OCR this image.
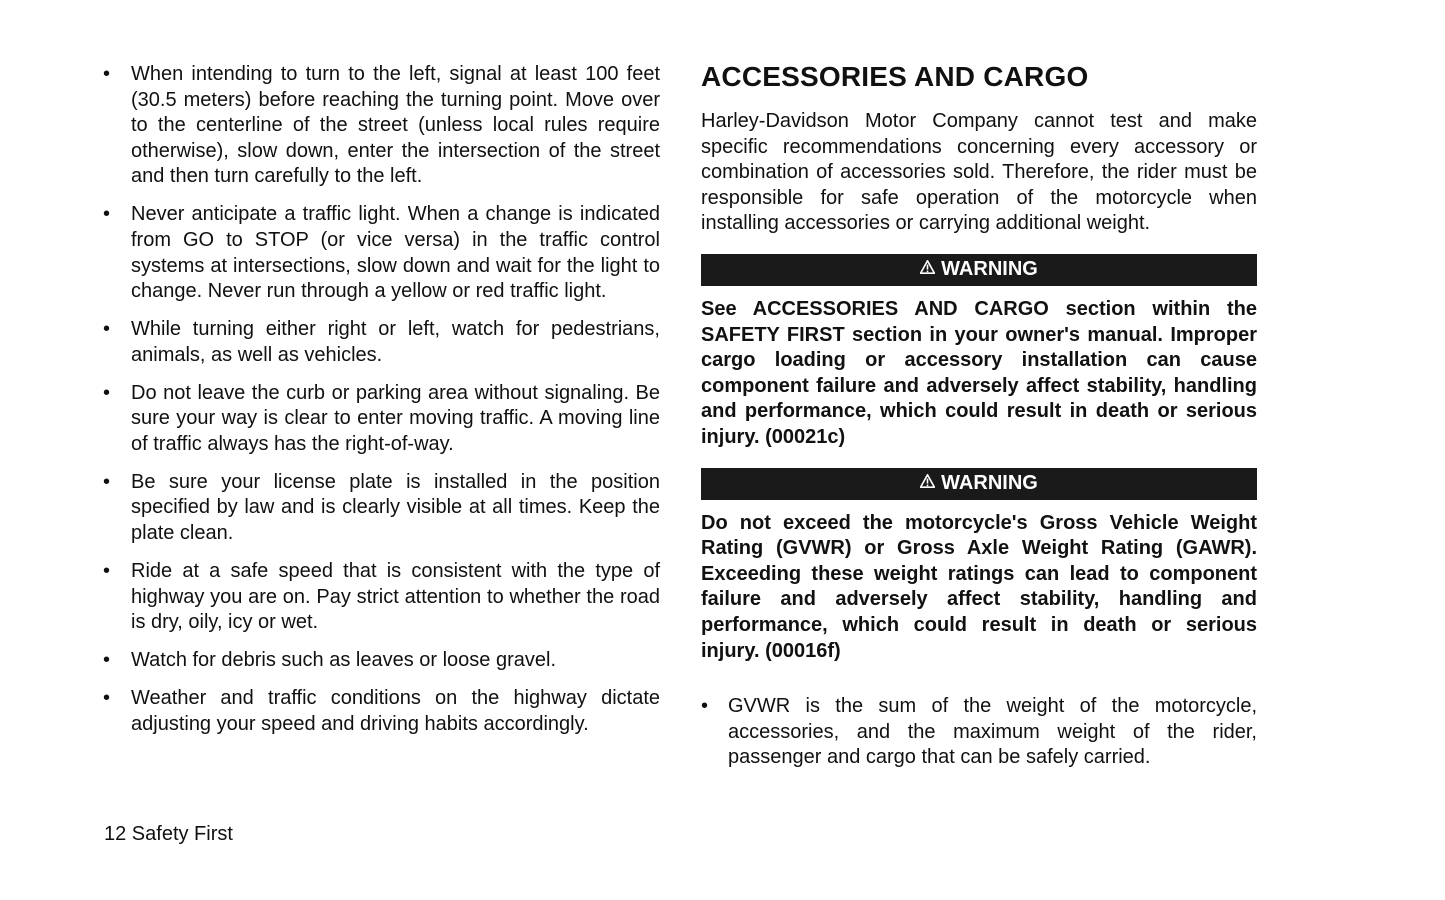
• When intending to turn to the left, signal at least 100 feet (30.5 meters) before reaching the turning point. Move over to the centerline of the street (unless local rules require otherwise), slow down, enter the intersection of the street and then turn carefully to the left.
• Never anticipate a traffic light. When a change is indicated from GO to STOP (or vice versa) in the traffic control systems at intersections, slow down and wait for the light to change. Never run through a yellow or red traffic light.
• While turning either right or left, watch for pedestrians, animals, as well as vehicles.
• Do not leave the curb or parking area without signaling. Be sure your way is clear to enter moving traffic. A moving line of traffic always has the right-of-way.
• Be sure your license plate is installed in the position specified by law and is clearly visible at all times. Keep the plate clean.
• Ride at a safe speed that is consistent with the type of highway you are on. Pay strict attention to whether the road is dry, oily, icy or wet.
• Watch for debris such as leaves or loose gravel.
• Weather and traffic conditions on the highway dictate adjusting your speed and driving habits accordingly.
ACCESSORIES AND CARGO

Harley-Davidson Motor Company cannot test and make specific recommendations concerning every accessory or combination of accessories sold. Therefore, the rider must be responsible for safe operation of the motorcycle when installing accessories or carrying additional weight.

WARNING

See ACCESSORIES AND CARGO section within the SAFETY FIRST section in your owner's manual. Improper cargo loading or accessory installation can cause component failure and adversely affect stability, handling and performance, which could result in death or serious injury. (00021c)

WARNING

Do not exceed the motorcycle's Gross Vehicle Weight Rating (GVWR) or Gross Axle Weight Rating (GAWR). Exceeding these weight ratings can lead to component failure and adversely affect stability, handling and performance, which could result in death or serious injury. (00016f)

• GVWR is the sum of the weight of the motorcycle, accessories, and the maximum weight of the rider, passenger and cargo that can be safely carried.
12 Safety First
